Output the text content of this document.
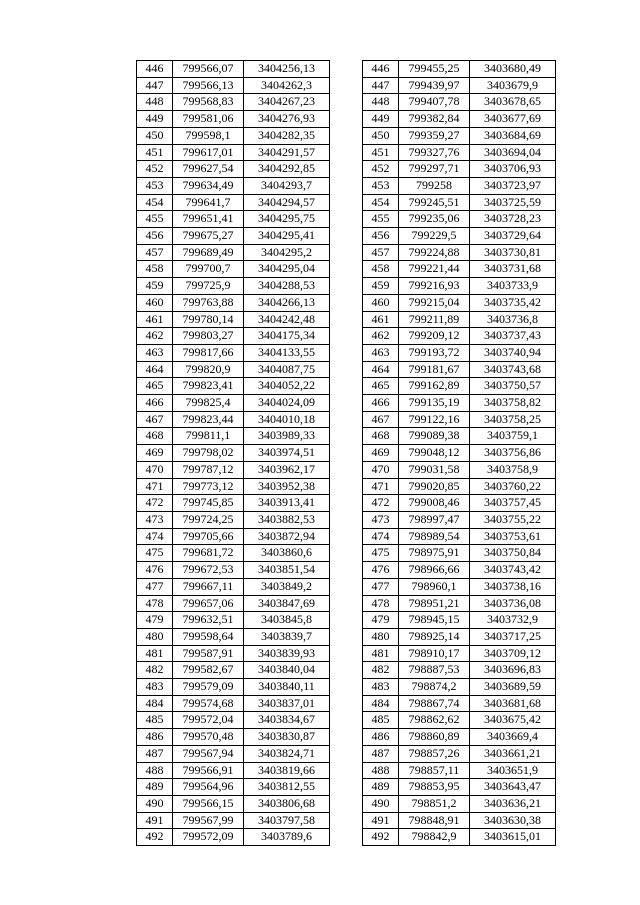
446	799566,07	3404256,13
447	799566,13	3404262,3
448	799568,83	3404267,23
449	799581,06	3404276,93
450	799598,1	3404282,35
451	799617,01	3404291,57
452	799627,54	3404292,85
453	799634,49	3404293,7
454	799641,7	3404294,57
455	799651,41	3404295,75
456	799675,27	3404295,41
457	799689,49	3404295,2
458	799700,7	3404295,04
459	799725,9	3404288,53
460	799763,88	3404266,13
461	799780,14	3404242,48
462	799803,27	3404175,34
463	799817,66	3404133,55
464	799820,9	3404087,75
465	799823,41	3404052,22
466	799825,4	3404024,09
467	799823,44	3404010,18
468	799811,1	3403989,33
469	799798,02	3403974,51
470	799787,12	3403962,17
471	799773,12	3403952,38
472	799745,85	3403913,41
473	799724,25	3403882,53
474	799705,66	3403872,94
475	799681,72	3403860,6
476	799672,53	3403851,54
477	799667,11	3403849,2
478	799657,06	3403847,69
479	799632,51	3403845,8
480	799598,64	3403839,7
481	799587,91	3403839,93
482	799582,67	3403840,04
483	799579,09	3403840,11
484	799574,68	3403837,01
485	799572,04	3403834,67
486	799570,48	3403830,87
487	799567,94	3403824,71
488	799566,91	3403819,66
489	799564,96	3403812,55
490	799566,15	3403806,68
491	799567,99	3403797,58
492	799572,09	3403789,6
446	799455,25	3403680,49
447	799439,97	3403679,9
448	799407,78	3403678,65
449	799382,84	3403677,69
450	799359,27	3403684,69
451	799327,76	3403694,04
452	799297,71	3403706,93
453	799258	3403723,97
454	799245,51	3403725,59
455	799235,06	3403728,23
456	799229,5	3403729,64
457	799224,88	3403730,81
458	799221,44	3403731,68
459	799216,93	3403733,9
460	799215,04	3403735,42
461	799211,89	3403736,8
462	799209,12	3403737,43
463	799193,72	3403740,94
464	799181,67	3403743,68
465	799162,89	3403750,57
466	799135,19	3403758,82
467	799122,16	3403758,25
468	799089,38	3403759,1
469	799048,12	3403756,86
470	799031,58	3403758,9
471	799020,85	3403760,22
472	799008,46	3403757,45
473	798997,47	3403755,22
474	798989,54	3403753,61
475	798975,91	3403750,84
476	798966,66	3403743,42
477	798960,1	3403738,16
478	798951,21	3403736,08
479	798945,15	3403732,9
480	798925,14	3403717,25
481	798910,17	3403709,12
482	798887,53	3403696,83
483	798874,2	3403689,59
484	798867,74	3403681,68
485	798862,62	3403675,42
486	798860,89	3403669,4
487	798857,26	3403661,21
488	798857,11	3403651,9
489	798853,95	3403643,47
490	798851,2	3403636,21
491	798848,91	3403630,38
492	798842,9	3403615,01
